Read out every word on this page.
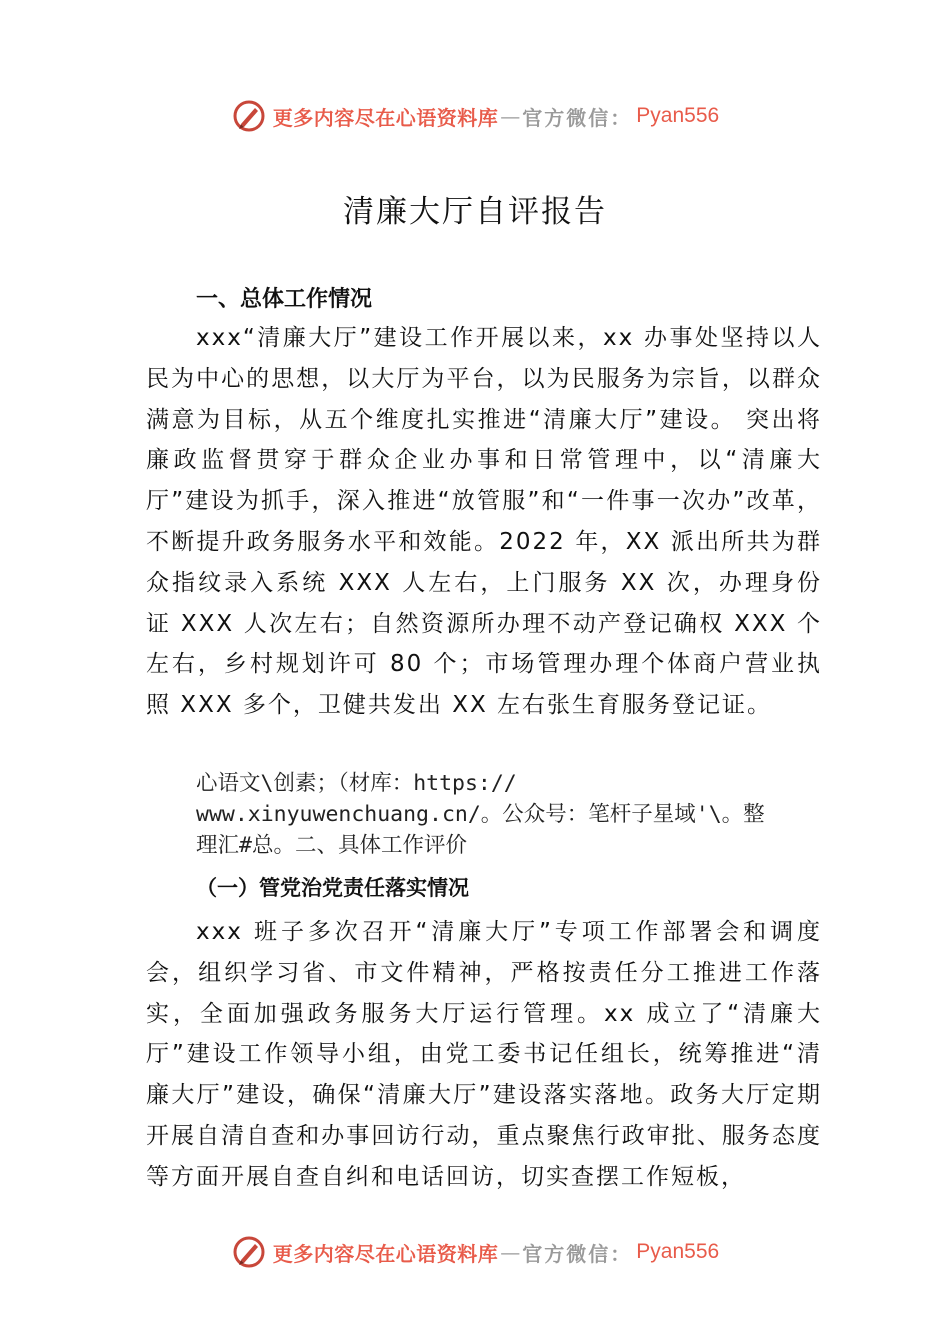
更多内容尽在心语资料库 — 官方微信： Pyan556
清廉大厅自评报告
一、总体工作情况
xxx“清廉大厅”建设工作开展以来，xx 办事处坚持以人民为中心的思想，以大厅为平台，以为民服务为宗旨，以群众满意为目标，从五个维度扎实推进“清廉大厅”建设。 突出将廉政监督贯穿于群众企业办事和日常管理中，以“清廉大厅”建设为抓手，深入推进“放管服”和“一件事一次办”改革，不断提升政务服务水平和效能。2022 年，XX 派出所共为群众指纹录入系统 XXX 人左右，上门服务 XX 次，办理身份证 XXX 人次左右；自然资源所办理不动产登记确权 XXX 个左右，乡村规划许可 80 个；市场管理办理个体商户营业执照 XXX 多个，卫健共发出 XX 左右张生育服务登记证。
心语文\创素；（材库：https://
www.xinyuwenchuang.cn/。公众号：笔杆子星域'\。整
理汇#总。二、具体工作评价
（一）管党治党责任落实情况
xxx 班子多次召开“清廉大厅”专项工作部署会和调度会，组织学习省、市文件精神，严格按责任分工推进工作落实，全面加强政务服务大厅运行管理。xx 成立了“清廉大厅”建设工作领导小组，由党工委书记任组长，统筹推进“清廉大厅”建设，确保“清廉大厅”建设落实落地。政务大厅定期开展自清自查和办事回访行动，重点聚焦行政审批、服务态度等方面开展自查自纠和电话回访，切实查摆工作短板，
更多内容尽在心语资料库 — 官方微信： Pyan556
